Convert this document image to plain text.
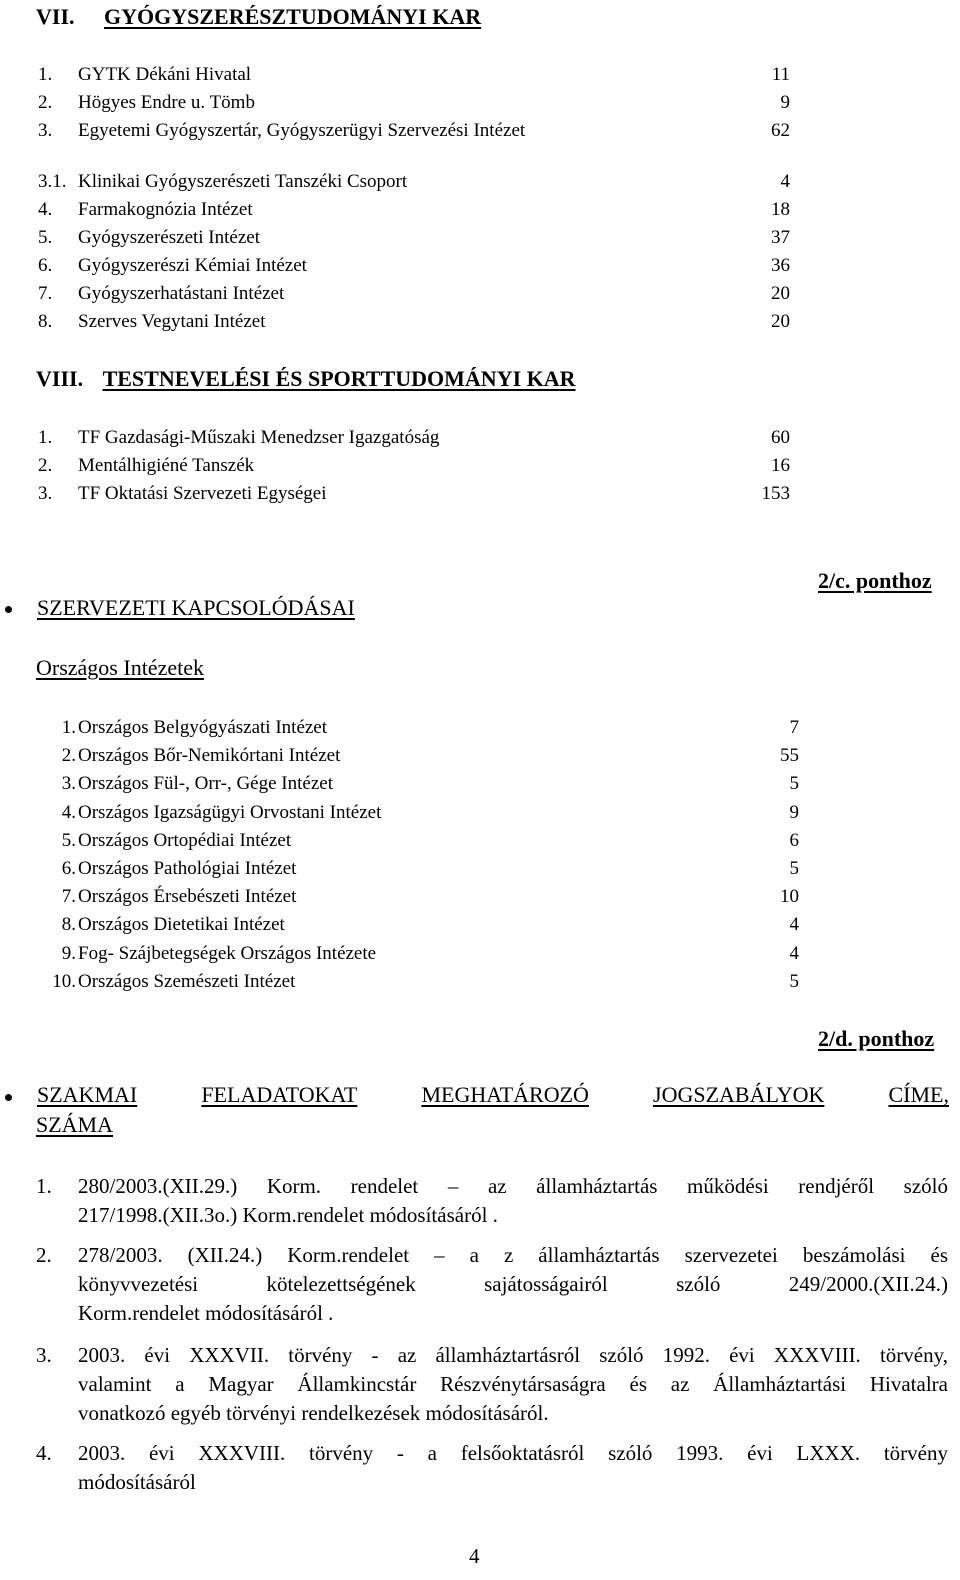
VII. GYÓGYSZERÉSZTUDOMÁNYI KAR
1. GYTK Dékáni Hivatal	11
2. Högyes Endre u. Tömb	9
3. Egyetemi Gyógyszertár, Gyógyszerügyi Szervezési Intézet	62
3.1. Klinikai Gyógyszerészeti Tanszéki Csoport	4
4. Farmakognózia Intézet	18
5. Gyógyszerészeti Intézet	37
6. Gyógyszerészi Kémiai Intézet	36
7. Gyógyszerhatástani Intézet	20
8. Szerves Vegytani Intézet	20
VIII. TESTNEVELÉSI ÉS SPORTTUDOMÁNYI KAR
1. TF Gazdasági-Műszaki Menedzser Igazgatóság	60
2. Mentálhigiéné Tanszék	16
3. TF Oktatási Szervezeti Egységei	153
2/c. ponthoz
SZERVEZETI KAPCSOLÓDÁSAI
Országos Intézetek
1. Országos Belgyógyászati Intézet	7
2. Országos Bőr-Nemikórtani Intézet	55
3. Országos Fül-, Orr-, Gége Intézet	5
4. Országos Igazságügyi Orvostani Intézet	9
5. Országos Ortopédiai Intézet	6
6. Országos Pathológiai Intézet	5
7. Országos Érsebészeti Intézet	10
8. Országos Dietetikai Intézet	4
9. Fog- Szájbetegségek Országos Intézete	4
10. Országos Szemészeti Intézet	5
2/d. ponthoz
SZAKMAI	FELADATOKAT	MEGHATÁROZÓ	JOGSZABÁLYOK	CÍME,
SZÁMA
1. 280/2003.(XII.29.) Korm. rendelet – az államháztartás működési rendjéről szóló
217/1998.(XII.3o.) Korm.rendelet módosításáról .
2. 278/2003. (XII.24.) Korm.rendelet – a z államháztartás szervezetei beszámolási és
könyvvezetési kötelezettségének sajátosságairól szóló 249/2000.(XII.24.)
Korm.rendelet módosításáról .
3. 2003. évi XXXVII. törvény - az államháztartásról szóló 1992. évi XXXVIII. törvény,
valamint a Magyar Államkincstár Részvénytársaságra és az Államháztartási Hivatalra
vonatkozó egyéb törvényi rendelkezések módosításáról.
4. 2003. évi XXXVIII. törvény - a felsőoktatásról szóló 1993. évi LXXX. törvény
módosításáról
4
